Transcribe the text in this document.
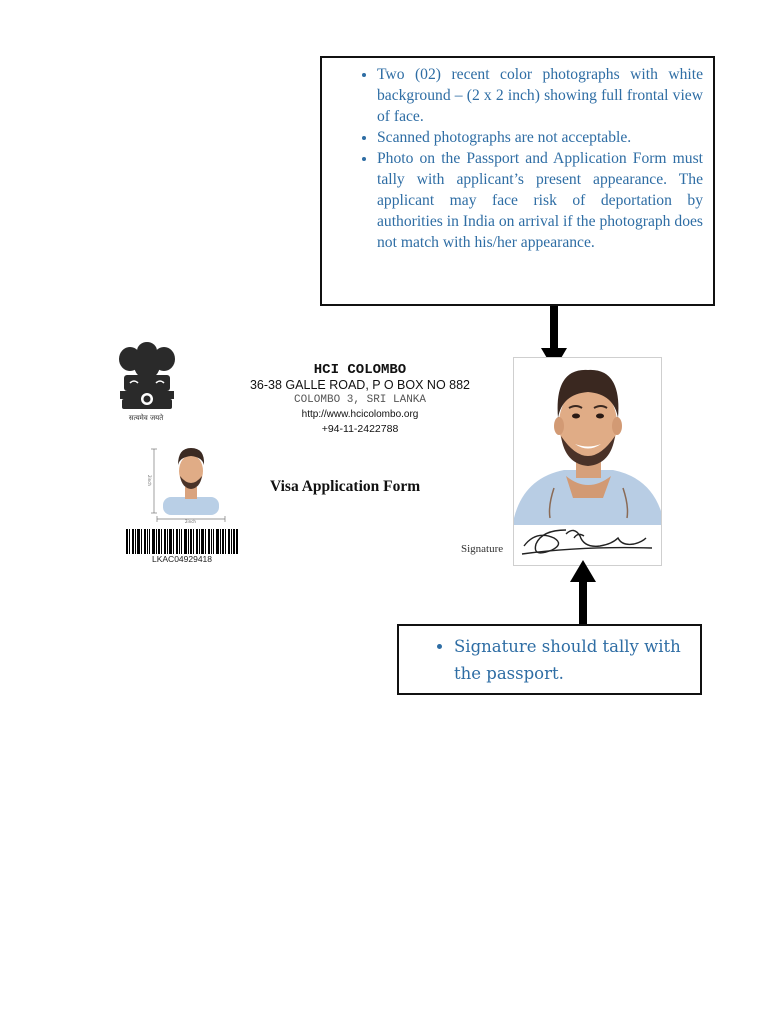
• Two (02) recent color photographs with white background – (2 x 2 inch) showing full frontal view of face.
• Scanned photographs are not acceptable.
• Photo on the Passport and Application Form must tally with applicant’s present appearance. The applicant may face risk of deportation by authorities in India on arrival if the photograph does not match with his/her appearance.
सत्यमेव जयते
HCI COLOMBO
36-38 GALLE ROAD, P O BOX NO 882
COLOMBO 3, SRI LANKA
http://www.hcicolombo.org
+94-11-2422788
Visa Application Form
2inch
2inch
LKAC04929418
Signature
• Signature should tally with the passport.
